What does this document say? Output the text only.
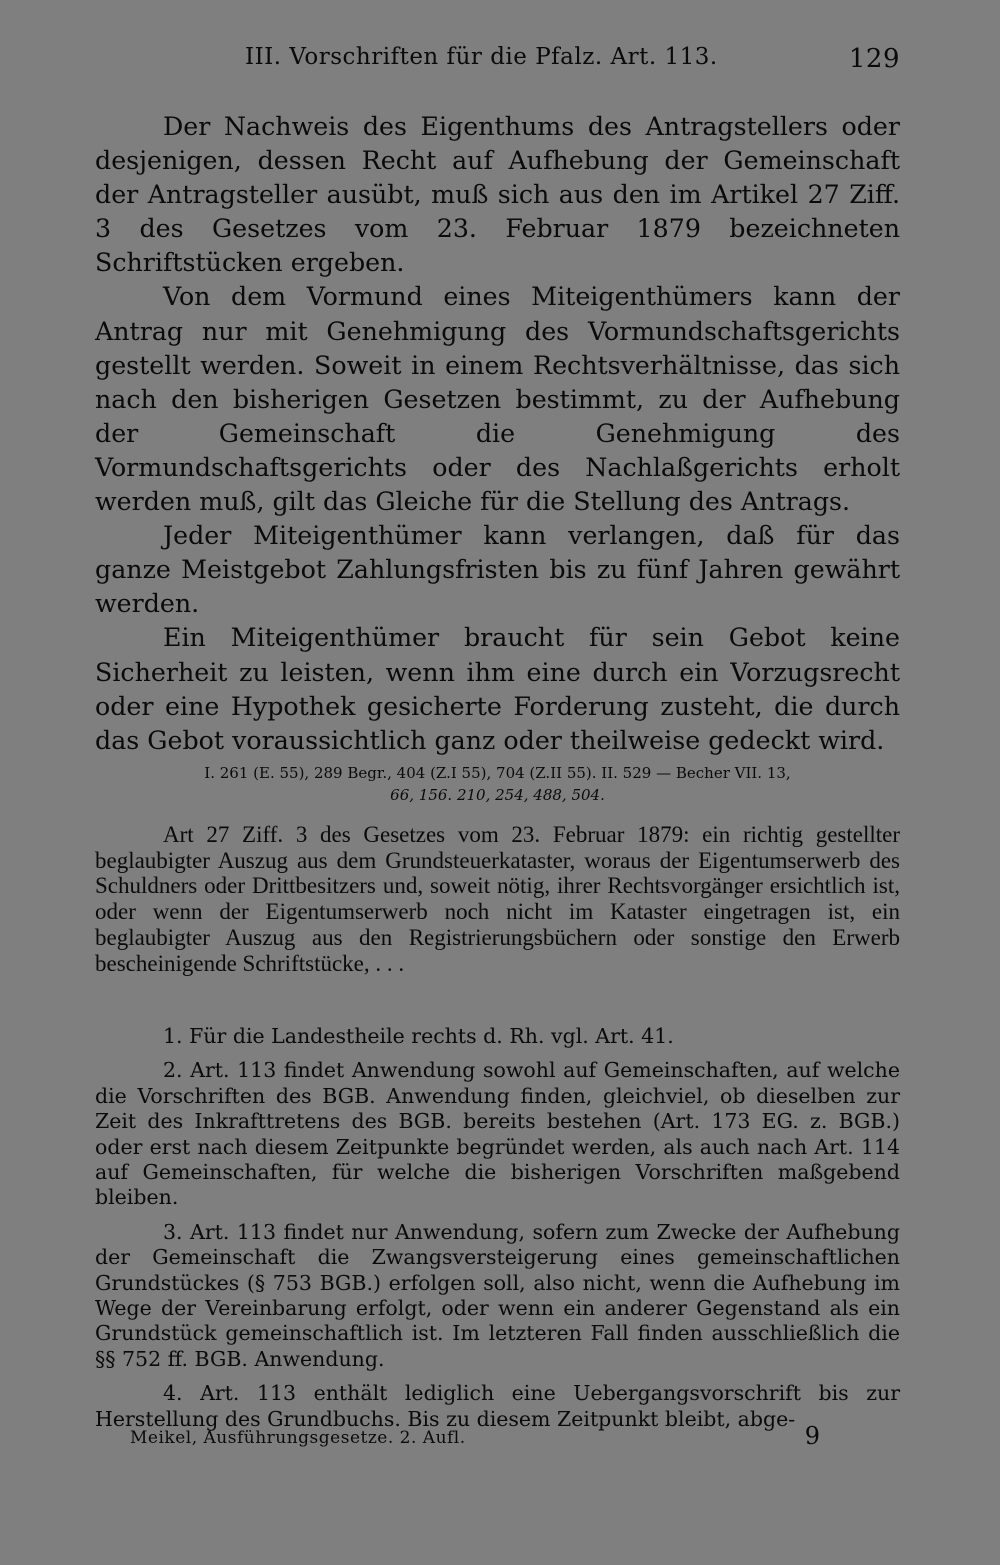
III. Vorschriften für die Pfalz. Art. 113.	129

Der Nachweis des Eigenthums des Antragstellers oder desjenigen, dessen Recht auf Aufhebung der Gemeinschaft der Antragsteller ausübt, muß sich aus den im Artikel 27 Ziff. 3 des Gesetzes vom 23. Februar 1879 bezeichneten Schriftstücken ergeben.

Von dem Vormund eines Miteigenthümers kann der Antrag nur mit Genehmigung des Vormundschaftsgerichts gestellt werden. Soweit in einem Rechtsverhältnisse, das sich nach den bisherigen Gesetzen bestimmt, zu der Aufhebung der Gemeinschaft die Genehmigung des Vormundschaftsgerichts oder des Nachlaßgerichts erholt werden muß, gilt das Gleiche für die Stellung des Antrags.

Jeder Miteigenthümer kann verlangen, daß für das ganze Meistgebot Zahlungsfristen bis zu fünf Jahren gewährt werden.

Ein Miteigenthümer braucht für sein Gebot keine Sicherheit zu leisten, wenn ihm eine durch ein Vorzugsrecht oder eine Hypothek gesicherte Forderung zusteht, die durch das Gebot voraussichtlich ganz oder theilweise gedeckt wird.

I. 261 (E. 55), 289 Begr., 404 (Z.I 55), 704 (Z.II 55). II. 529 — Becher VII. 13,
66, 156. 210, 254, 488, 504.

Art 27 Ziff. 3 des Gesetzes vom 23. Februar 1879: ein richtig gestellter beglaubigter Auszug aus dem Grundsteuerkataster, woraus der Eigentumserwerb des Schuldners oder Drittbesitzers und, soweit nötig, ihrer Rechtsvorgänger ersichtlich ist, oder wenn der Eigentumserwerb noch nicht im Kataster eingetragen ist, ein beglaubigter Auszug aus den Registrierungsbüchern oder sonstige den Erwerb bescheinigende Schriftstücke, . . .

1. Für die Landestheile rechts d. Rh. vgl. Art. 41.

2. Art. 113 findet Anwendung sowohl auf Gemeinschaften, auf welche die Vorschriften des BGB. Anwendung finden, gleichviel, ob dieselben zur Zeit des Inkrafttretens des BGB. bereits bestehen (Art. 173 EG. z. BGB.) oder erst nach diesem Zeitpunkte begründet werden, als auch nach Art. 114 auf Gemeinschaften, für welche die bisherigen Vorschriften maßgebend bleiben.

3. Art. 113 findet nur Anwendung, sofern zum Zwecke der Aufhebung der Gemeinschaft die Zwangsversteigerung eines gemeinschaftlichen Grundstückes (§ 753 BGB.) erfolgen soll, also nicht, wenn die Aufhebung im Wege der Vereinbarung erfolgt, oder wenn ein anderer Gegenstand als ein Grundstück gemeinschaftlich ist. Im letzteren Fall finden ausschließlich die §§ 752 ff. BGB. Anwendung.

4. Art. 113 enthält lediglich eine Uebergangsvorschrift bis zur Herstellung des Grundbuchs. Bis zu diesem Zeitpunkt bleibt, abge-

Meikel, Ausführungsgesetze. 2. Aufl.	9
